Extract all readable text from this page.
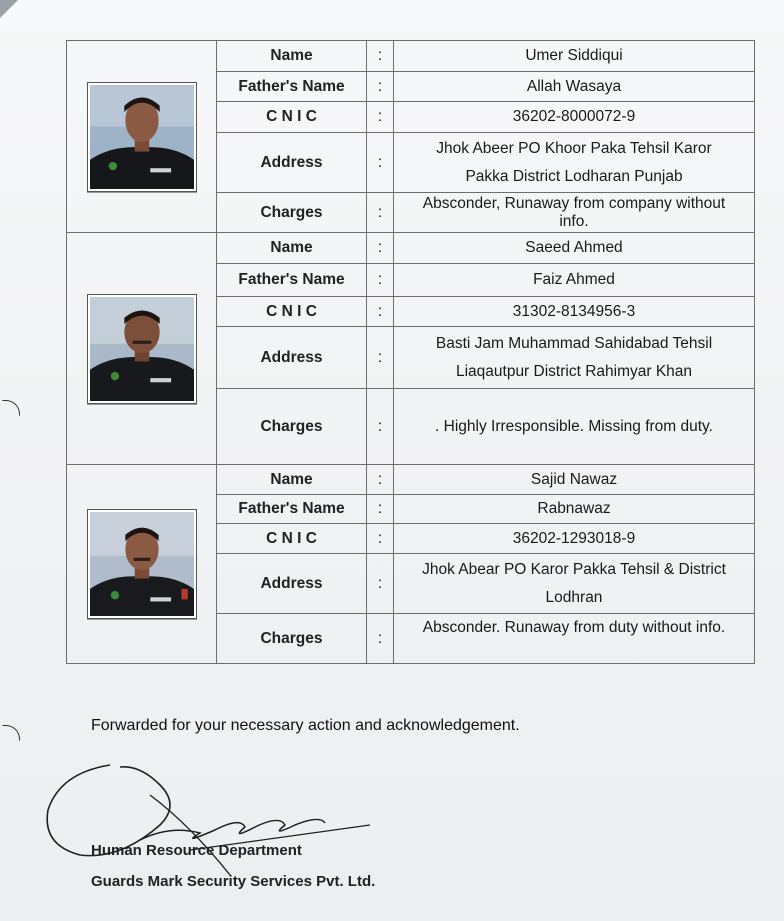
	Name	:	Umer Siddiqui
	Father's Name	:	Allah Wasaya
	C N I C	:	36202-8000072-9
	Address	:	Jhok Abeer PO Khoor Paka Tehsil Karor
Pakka District Lodharan Punjab

	Charges	:	Absconder, Runaway from company without
info.

	Name	:	Saeed Ahmed
	Father's Name	:	Faiz Ahmed
	C N I C	:	31302-8134956-3
	Address	:	Basti Jam Muhammad Sahidabad Tehsil
Liaqautpur District Rahimyar Khan

	Charges	:	. Highly Irresponsible. Missing from duty.

	Name	:	Sajid Nawaz
	Father's Name	:	Rabnawaz
	C N I C	:	36202-1293018-9
	Address	:	Jhok Abear PO Karor Pakka Tehsil & District
Lodhran

	Charges	:	Absconder. Runaway from duty without info.
Forwarded for your necessary action and acknowledgement.
Human Resource Department
Guards Mark Security Services Pvt. Ltd.
